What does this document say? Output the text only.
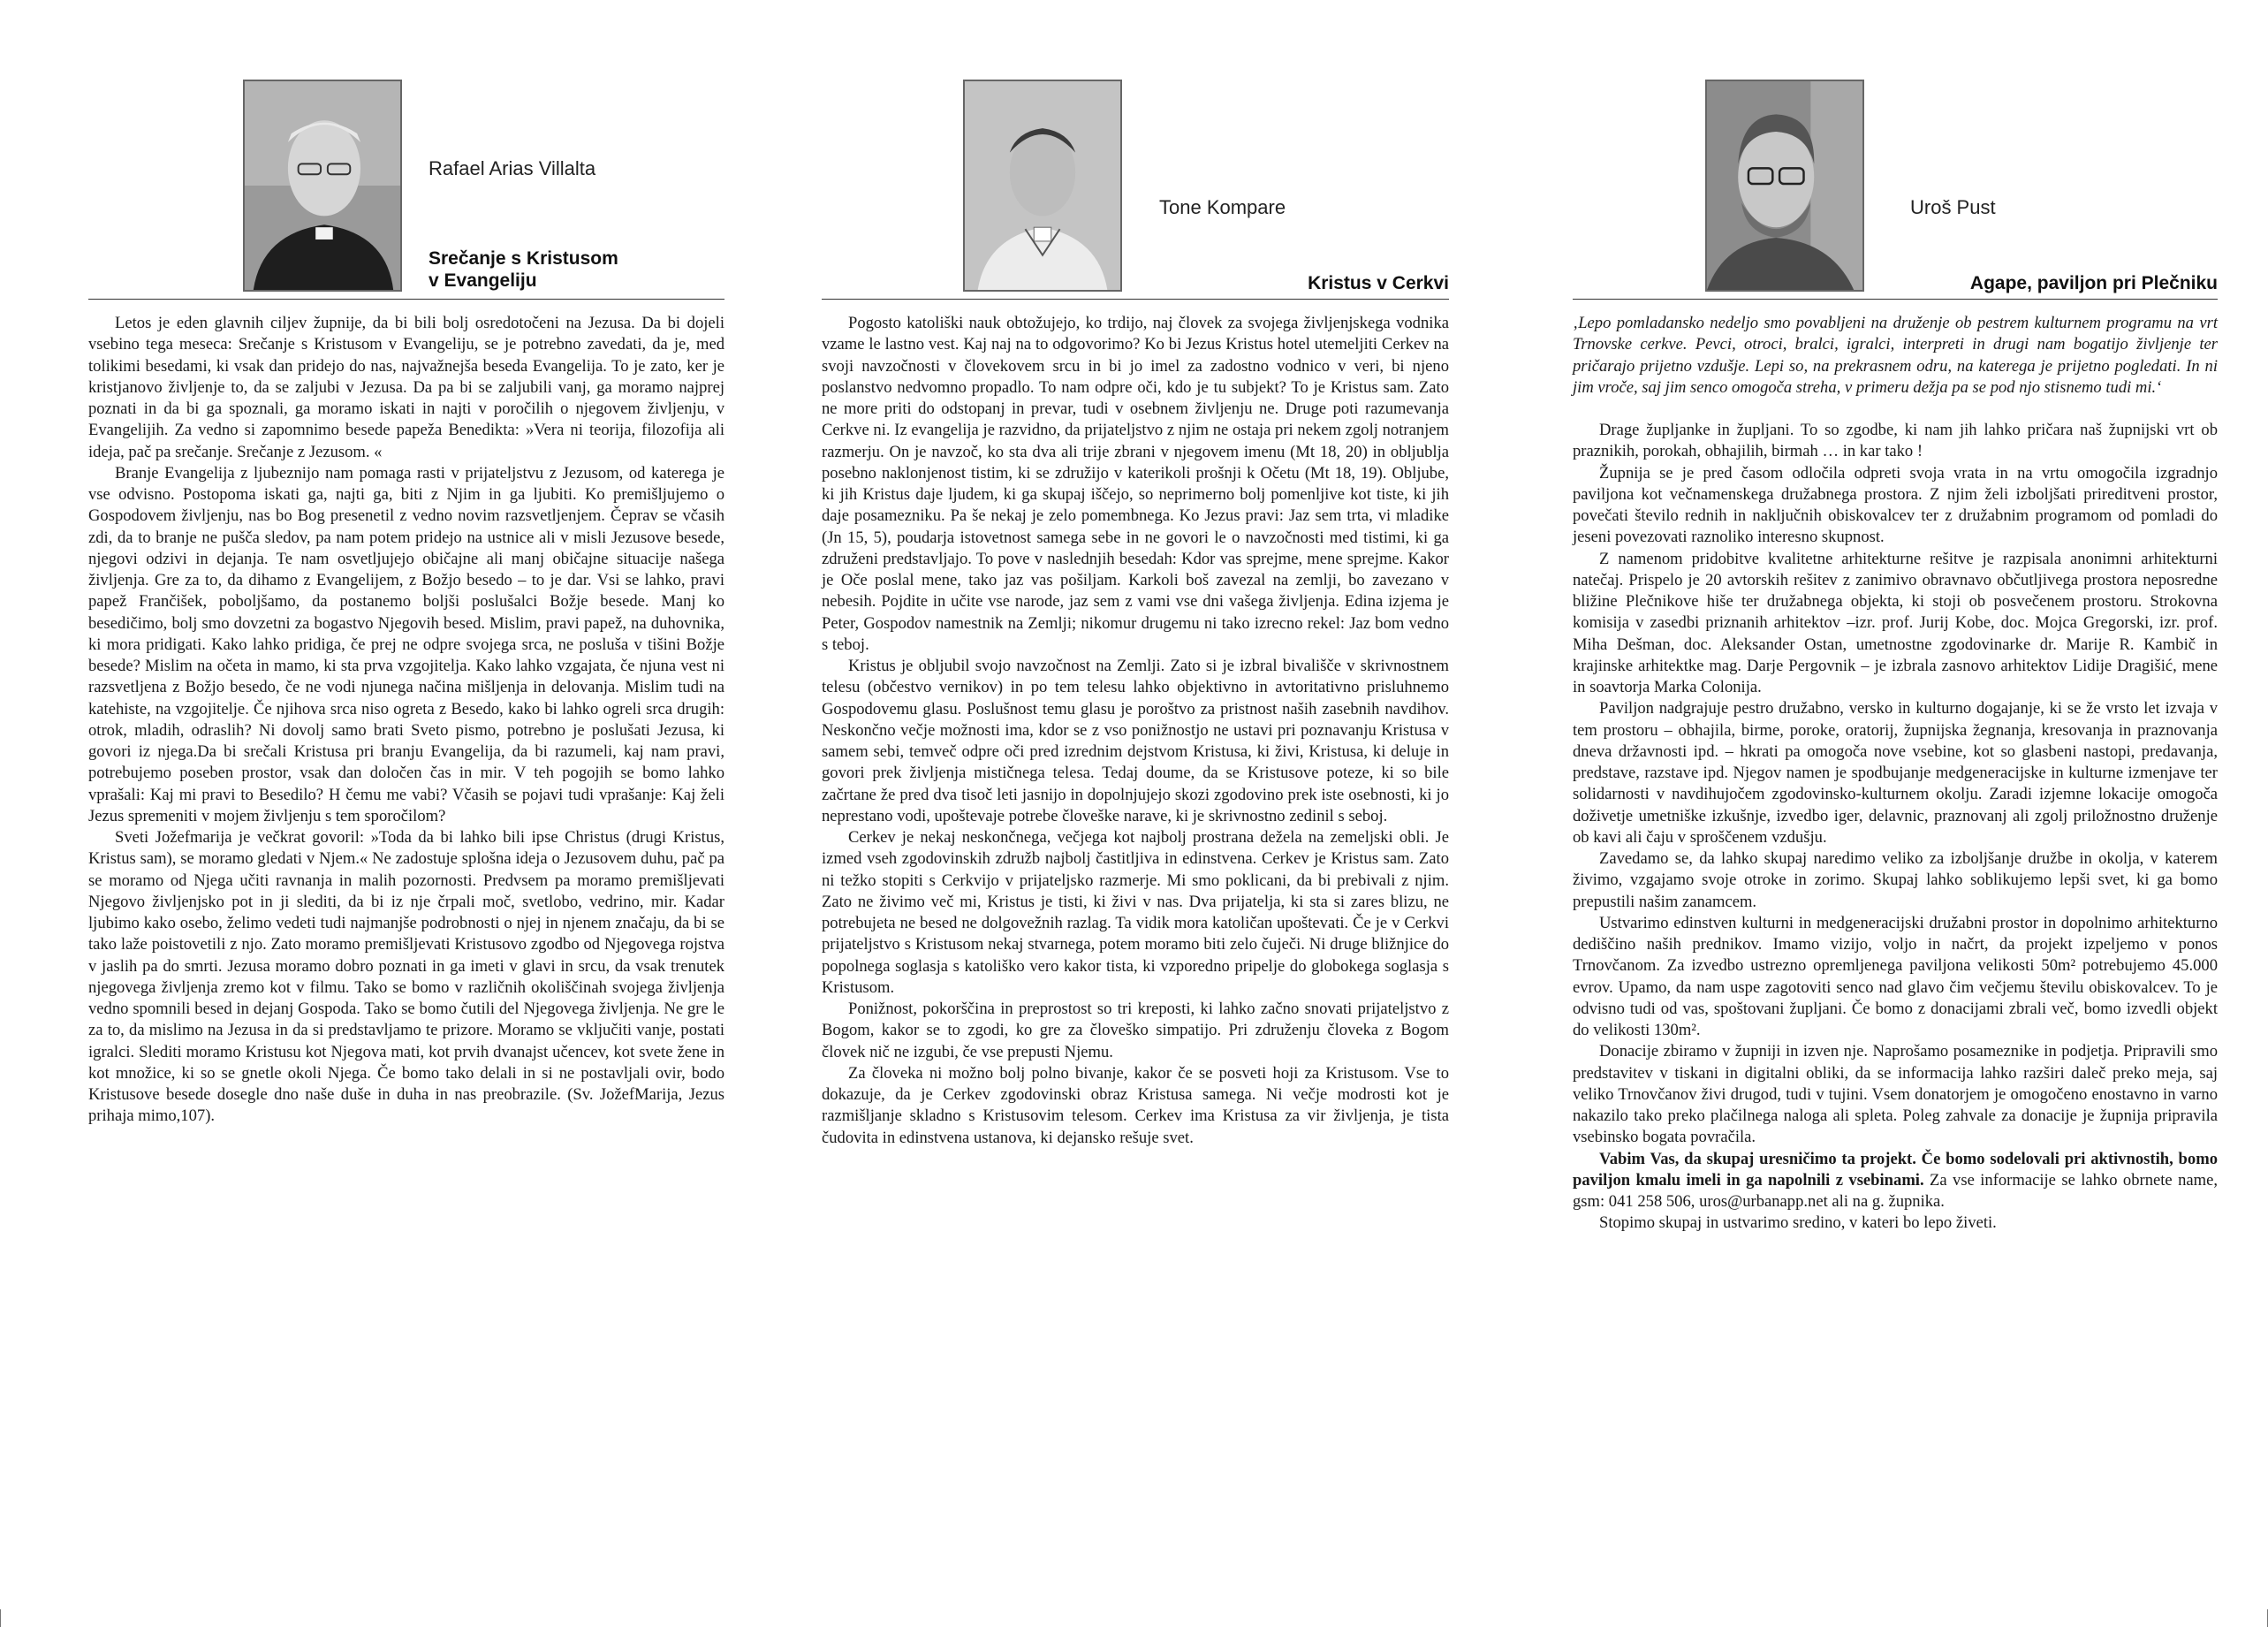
Rafael Arias Villalta
Srečanje s Kristusom
v Evangeliju

Letos je eden glavnih ciljev župnije, da bi bili bolj osredotočeni na Jezusa. Da bi dojeli vsebino tega meseca: Srečanje s Kristusom v Evangeliju, se je potrebno zavedati, da je, med tolikimi besedami, ki vsak dan pridejo do nas, najvažnejša beseda Evangelija. To je zato, ker je kristjanovo življenje to, da se zaljubi v Jezusa. Da pa bi se zaljubili vanj, ga moramo najprej poznati in da bi ga spoznali, ga moramo iskati in najti v poročilih o njegovem življenju, v Evangelijih. Za vedno si zapomnimo besede papeža Benedikta: »Vera ni teorija, filozofija ali ideja, pač pa srečanje. Srečanje z Jezusom. «

Branje Evangelija z ljubeznijo nam pomaga rasti v prijateljstvu z Jezusom, od katerega je vse odvisno. Postopoma iskati ga, najti ga, biti z Njim in ga ljubiti. Ko premišljujemo o Gospodovem življenju, nas bo Bog presenetil z vedno novim razsvetljenjem. Čeprav se včasih zdi, da to branje ne pušča sledov, pa nam potem pridejo na ustnice ali v misli Jezusove besede, njegovi odzivi in dejanja. Te nam osvetljujejo običajne ali manj običajne situacije našega življenja. Gre za to, da dihamo z Evangelijem, z Božjo besedo – to je dar. Vsi se lahko, pravi papež Frančišek, pobolјšamo, da postanemo boljši poslušalci Božje besede. Manj ko besedičimo, bolj smo dovzetni za bogastvo Njegovih besed. Mislim, pravi papež, na duhovnika, ki mora pridigati. Kako lahko pridiga, če prej ne odpre svojega srca, ne posluša v tišini Božje besede? Mislim na očeta in mamo, ki sta prva vzgojitelja. Kako lahko vzgajata, če njuna vest ni razsvetljena z Božjo besedo, če ne vodi njunega načina mišljenja in delovanja. Mislim tudi na katehiste, na vzgojitelje. Če njihova srca niso ogreta z Besedo, kako bi lahko ogreli srca drugih: otrok, mladih, odraslih? Ni dovolj samo brati Sveto pismo, potrebno je poslušati Jezusa, ki govori iz njega.Da bi srečali Kristusa pri branju Evangelija, da bi razumeli, kaj nam pravi, potrebujemo poseben prostor, vsak dan določen čas in mir. V teh pogojih se bomo lahko vprašali: Kaj mi pravi to Besedilo? H čemu me vabi? Včasih se pojavi tudi vprašanje: Kaj želi Jezus spremeniti v mojem življenju s tem sporočilom?

Sveti Jožefmarija je večkrat govoril: »Toda da bi lahko bili ipse Christus (drugi Kristus, Kristus sam), se moramo gledati v Njem.« Ne zadostuje splošna ideja o Jezusovem duhu, pač pa se moramo od Njega učiti ravnanja in malih pozornosti. Predvsem pa moramo premišljevati Njegovo življenjsko pot in ji slediti, da bi iz nje črpali moč, svetlobo, vedrino, mir. Kadar ljubimo kako osebo, želimo vedeti tudi najmanjše podrobnosti o njej in njenem značaju, da bi se tako laže poistovetili z njo. Zato moramo premišljevati Kristusovo zgodbo od Njegovega rojstva v jaslih pa do smrti. Jezusa moramo dobro poznati in ga imeti v glavi in srcu, da vsak trenutek njegovega življenja zremo kot v filmu. Tako se bomo v različnih okoliščinah svojega življenja vedno spomnili besed in dejanj Gospoda. Tako se bomo čutili del Njegovega življenja. Ne gre le za to, da mislimo na Jezusa in da si predstavljamo te prizore. Moramo se vključiti vanje, postati igralci. Slediti moramo Kristusu kot Njegova mati, kot prvih dvanajst učencev, kot svete žene in kot množice, ki so se gnetle okoli Njega. Če bomo tako delali in si ne postavljali ovir, bodo Kristusove besede dosegle dno naše duše in duha in nas preobrazile. (Sv. JožefMarija, Jezus prihaja mimo,107).

Tone Kompare
Kristus v Cerkvi

Pogosto katoliški nauk obtožujejo, ko trdijo, naj človek za svojega življenjskega vodnika vzame le lastno vest. Kaj naj na to odgovorimo? Ko bi Jezus Kristus hotel utemeljiti Cerkev na svoji navzočnosti v človekovem srcu in bi jo imel za zadostno vodnico v veri, bi njeno poslanstvo nedvomno propadlo. To nam odpre oči, kdo je tu subjekt? To je Kristus sam. Zato ne more priti do odstopanj in prevar, tudi v osebnem življenju ne. Druge poti razumevanja Cerkve ni. Iz evangelija je razvidno, da prijateljstvo z njim ne ostaja pri nekem zgolj notranjem razmerju. On je navzoč, ko sta dva ali trije zbrani v njegovem imenu (Mt 18, 20) in obljublja posebno naklonjenost tistim, ki se združijo v katerikoli prošnji k Očetu (Mt 18, 19). Obljube, ki jih Kristus daje ljudem, ki ga skupaj iščejo, so neprimerno bolj pomenljive kot tiste, ki jih daje posamezniku. Pa še nekaj je zelo pomembnega. Ko Jezus pravi: Jaz sem trta, vi mladike (Jn 15, 5), poudarja istovetnost samega sebe in ne govori le o navzočnosti med tistimi, ki ga združeni predstavljajo. To pove v naslednjih besedah: Kdor vas sprejme, mene sprejme. Kakor je Oče poslal mene, tako jaz vas pošiljam. Karkoli boš zavezal na zemlji, bo zavezano v nebesih. Pojdite in učite vse narode, jaz sem z vami vse dni vašega življenja. Edina izjema je Peter, Gospodov namestnik na Zemlji; nikomur drugemu ni tako izrecno rekel: Jaz bom vedno s teboj.

Kristus je obljubil svojo navzočnost na Zemlji. Zato si je izbral bivališče v skrivnostnem telesu (občestvo vernikov) in po tem telesu lahko objektivno in avtoritativno prisluhnemo Gospodovemu glasu. Poslušnost temu glasu je poroštvo za pristnost naših zasebnih navdihov. Neskončno večje možnosti ima, kdor se z vso ponižnostjo ne ustavi pri poznavanju Kristusa v samem sebi, temveč odpre oči pred izrednim dejstvom Kristusa, ki živi, Kristusa, ki deluje in govori prek življenja mističnega telesa. Tedaj doume, da se Kristusove poteze, ki so bile začrtane že pred dva tisoč leti jasnijo in dopolnjujejo skozi zgodovino prek iste osebnosti, ki jo neprestano vodi, upoštevaje potrebe človeške narave, ki je skrivnostno zedinil s seboj.

Cerkev je nekaj neskončnega, večjega kot najbolj prostrana dežela na zemeljski obli. Je izmed vseh zgodovinskih združb najbolj častitljiva in edinstvena. Cerkev je Kristus sam. Zato ni težko stopiti s Cerkvijo v prijateljsko razmerje. Mi smo poklicani, da bi prebivali z njim. Zato ne živimo več mi, Kristus je tisti, ki živi v nas. Dva prijatelja, ki sta si zares blizu, ne potrebujeta ne besed ne dolgovežnih razlag. Ta vidik mora katoličan upoštevati. Če je v Cerkvi prijateljstvo s Kristusom nekaj stvarnega, potem moramo biti zelo čuječi. Ni druge bližnjice do popolnega soglasja s katoliško vero kakor tista, ki vzporedno pripelje do globokega soglasja s Kristusom.

Ponižnost, pokorščina in preprostost so tri kreposti, ki lahko začno snovati prijateljstvo z Bogom, kakor se to zgodi, ko gre za človeško simpatijo. Pri združenju človeka z Bogom človek nič ne izgubi, če vse prepusti Njemu.

Za človeka ni možno bolj polno bivanje, kakor če se posveti hoji za Kristusom. Vse to dokazuje, da je Cerkev zgodovinski obraz Kristusa samega. Ni večje modrosti kot je razmišljanje skladno s Kristusovim telesom. Cerkev ima Kristusa za vir življenja, je tista čudovita in edinstvena ustanova, ki dejansko rešuje svet.

Uroš Pust
Agape, paviljon pri Plečniku

‚Lepo pomladansko nedeljo smo povabljeni na druženje ob pestrem kulturnem programu na vrt Trnovske cerkve. Pevci, otroci, bralci, igralci, interpreti in drugi nam bogatijo življenje ter pričarajo prijetno vzdušje. Lepi so, na prekrasnem odru, na katerega je prijetno pogledati. In ni jim vroče, saj jim senco omogoča streha, v primeru dežja pa se pod njo stisnemo tudi mi.‘

Drage župljanke in župljani. To so zgodbe, ki nam jih lahko pričara naš župnijski vrt ob praznikih, porokah, obhajilih, birmah … in kar tako !

Župnija se je pred časom odločila odpreti svoja vrata in na vrtu omogočila izgradnjo paviljona kot večnamenskega družabnega prostora. Z njim želi izboljšati prireditveni prostor, povečati število rednih in naključnih obiskovalcev ter z družabnim programom od pomladi do jeseni povezovati raznoliko interesno skupnost.

Z namenom pridobitve kvalitetne arhitekturne rešitve je razpisala anonimni arhitekturni natečaj. Prispelo je 20 avtorskih rešitev z zanimivo obravnavo občutljivega prostora neposredne bližine Plečnikove hiše ter družabnega objekta, ki stoji ob posvečenem prostoru. Strokovna komisija v zasedbi priznanih arhitektov –izr. prof. Jurij Kobe, doc. Mojca Gregorski, izr. prof. Miha Dešman, doc. Aleksander Ostan, umetnostne zgodovinarke dr. Marije R. Kambič in krajinske arhitektke mag. Darje Pergovnik – je izbrala zasnovo arhitektov Lidije Dragišić, mene in soavtorja Marka Colonija.

Paviljon nadgrajuje pestro družabno, versko in kulturno dogajanje, ki se že vrsto let izvaja v tem prostoru – obhajila, birme, poroke, oratorij, župnijska žegnanja, kresovanja in praznovanja dneva državnosti ipd. – hkrati pa omogoča nove vsebine, kot so glasbeni nastopi, predavanja, predstave, razstave ipd. Njegov namen je spodbujanje medgeneracijske in kulturne izmenjave ter solidarnosti v navdihujočem zgodovinsko-kulturnem okolju. Zaradi izjemne lokacije omogoča doživetje umetniške izkušnje, izvedbo iger, delavnic, praznovanj ali zgolj priložnostno druženje ob kavi ali čaju v sproščenem vzdušju.

Zavedamo se, da lahko skupaj naredimo veliko za izboljšanje družbe in okolja, v katerem živimo, vzgajamo svoje otroke in zorimo. Skupaj lahko soblikujemo lepši svet, ki ga bomo prepustili našim zanamcem.

Ustvarimo edinstven kulturni in medgeneracijski družabni prostor in dopolnimo arhitekturno dediščino naših prednikov. Imamo vizijo, voljo in načrt, da projekt izpeljemo v ponos Trnovčanom. Za izvedbo ustrezno opremljenega paviljona velikosti 50m² potrebujemo 45.000 evrov. Upamo, da nam uspe zagotoviti senco nad glavo čim večjemu številu obiskovalcev. To je odvisno tudi od vas, spoštovani župljani. Če bomo z donacijami zbrali več, bomo izvedli objekt do velikosti 130m².

Donacije zbiramo v župniji in izven nje. Naprošamo posameznike in podjetja. Pripravili smo predstavitev v tiskani in digitalni obliki, da se informacija lahko razširi daleč preko meja, saj veliko Trnovčanov živi drugod, tudi v tujini. Vsem donatorjem je omogočeno enostavno in varno nakazilo tako preko plačilnega naloga ali spleta. Poleg zahvale za donacije je župnija pripravila vsebinsko bogata povračila.

Vabim Vas, da skupaj uresničimo ta projekt. Če bomo sodelovali pri aktivnostih, bomo paviljon kmalu imeli in ga napolnili z vsebinami. Za vse informacije se lahko obrnete name, gsm: 041 258 506, uros@urbanapp.net ali na g. župnika.

Stopimo skupaj in ustvarimo sredino, v kateri bo lepo živeti.
